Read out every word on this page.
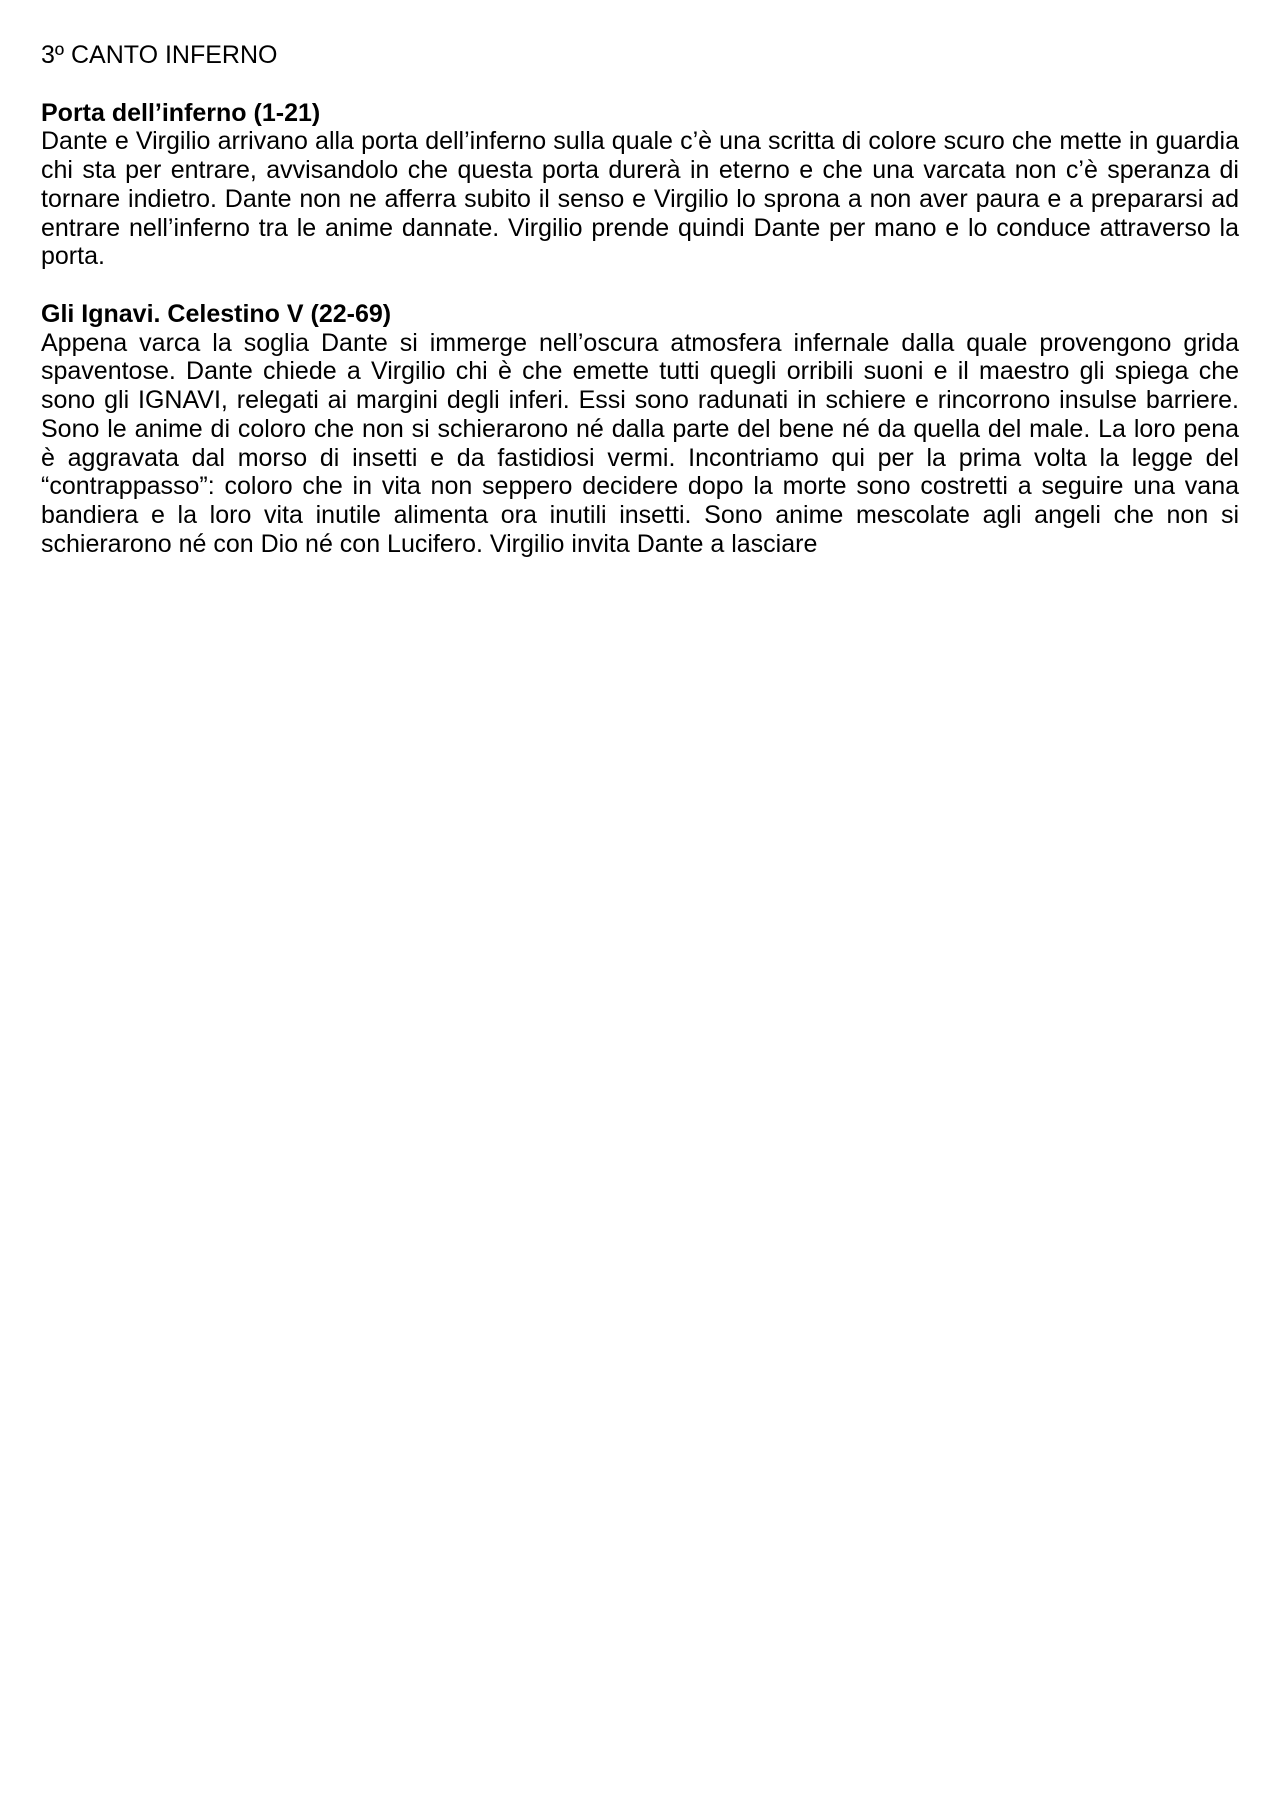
3º CANTO INFERNO

Porta dell’inferno (1-21)

Dante e Virgilio arrivano alla porta dell’inferno sulla quale c’è una scritta di colore scuro che mette in guardia chi sta per entrare, avvisandolo che questa porta durerà in eterno e che una varcata non c’è speranza di tornare indietro. Dante non ne afferra subito il senso e Virgilio lo sprona a non aver paura e a prepararsi ad entrare nell’inferno tra le anime dannate. Virgilio prende quindi Dante per mano e lo conduce attraverso la porta.

Gli Ignavi. Celestino V (22-69)

Appena varca la soglia Dante si immerge nell’oscura atmosfera infernale dalla quale provengono grida spaventose. Dante chiede a Virgilio chi è che emette tutti quegli orribili suoni e il maestro gli spiega che sono gli IGNAVI, relegati ai margini degli inferi. Essi sono radunati in schiere e rincorrono insulse barriere. Sono le anime di coloro che non si schierarono né dalla parte del bene né da quella del male. La loro pena è aggravata dal morso di insetti e da fastidiosi vermi. Incontriamo qui per la prima volta la legge del “contrappasso”: coloro che in vita non seppero decidere dopo la morte sono costretti a seguire una vana bandiera e la loro vita inutile alimenta ora inutili insetti. Sono anime mescolate agli angeli che non si schierarono né con Dio né con Lucifero. Virgilio invita Dante a lasciare
